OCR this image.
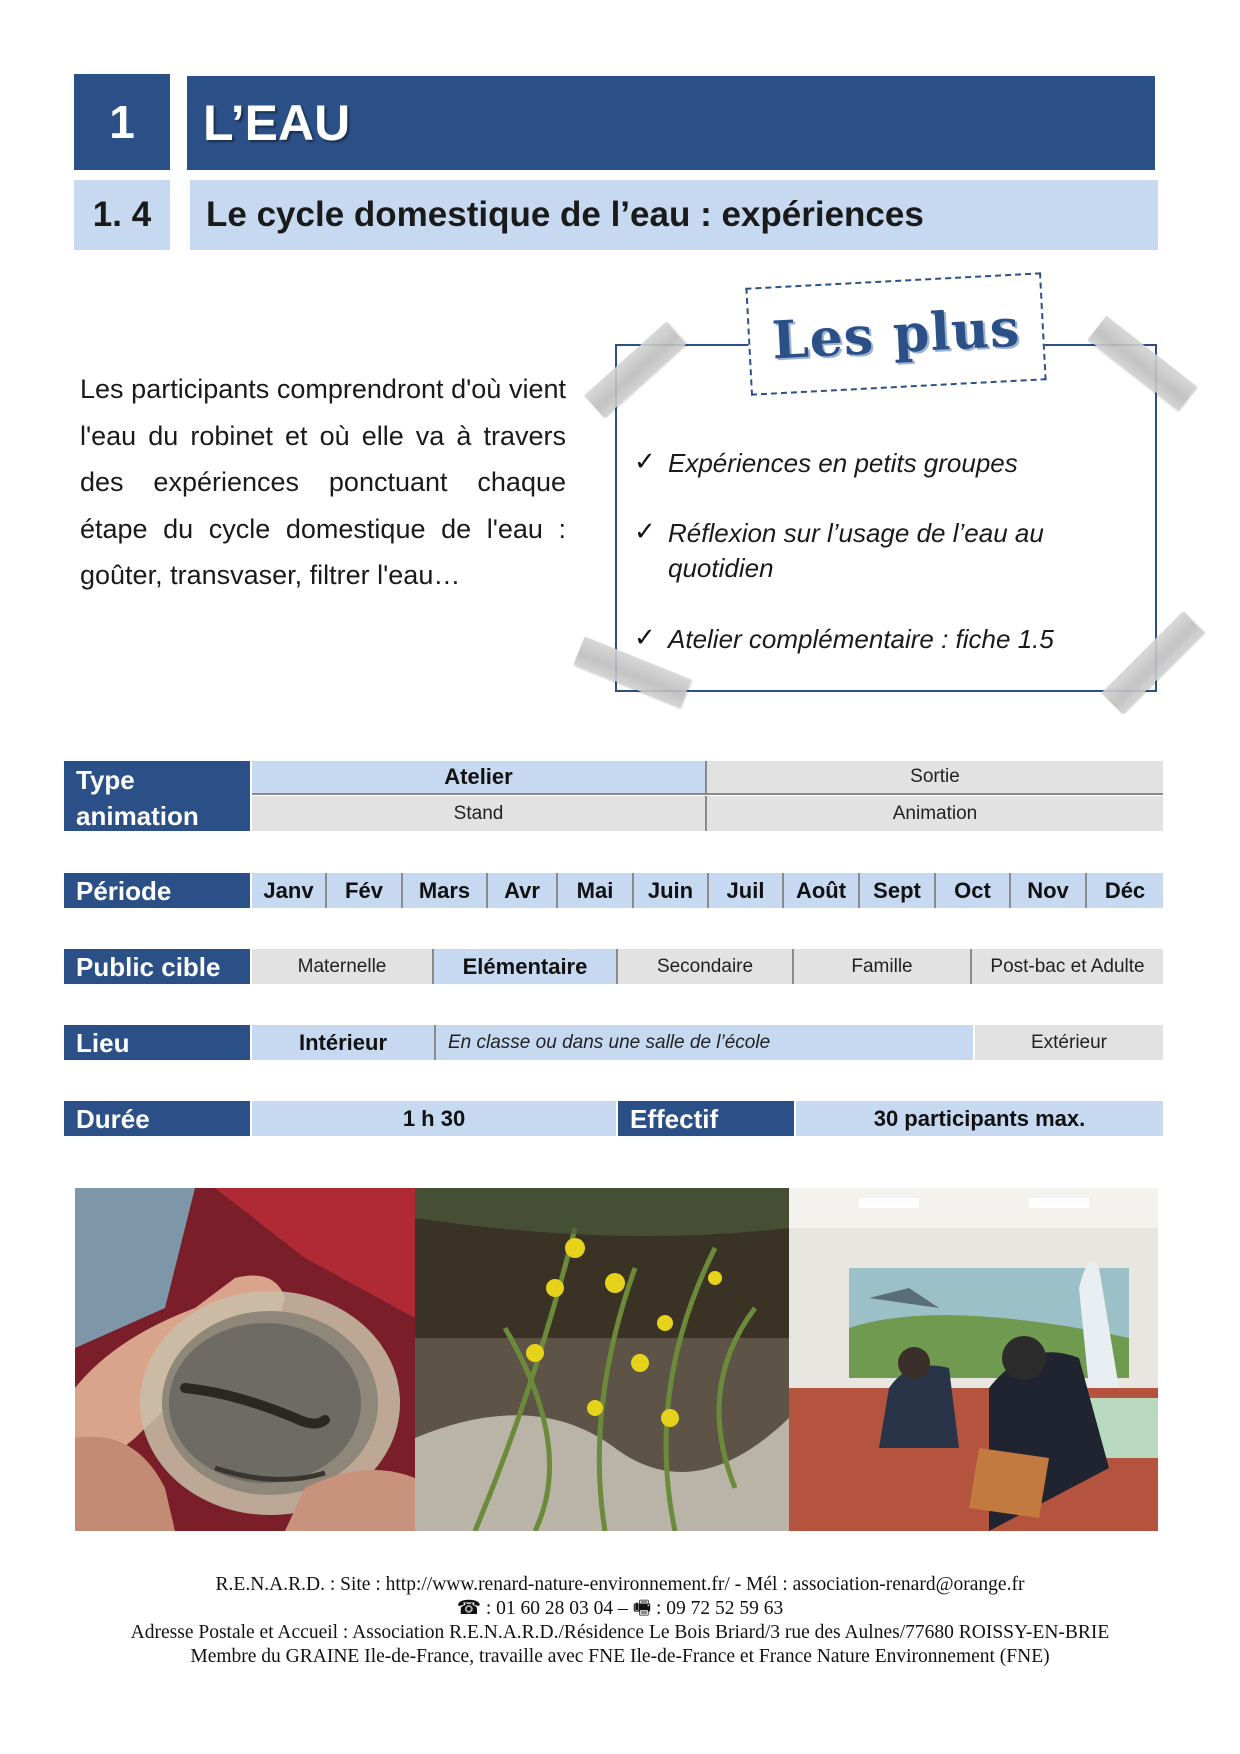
1	L’EAU
1. 4	Le cycle domestique de l’eau : expériences
Les participants comprendront d'où vient l'eau du robinet et où elle va à travers des expériences ponctuant chaque étape du cycle domestique de l'eau : goûter, transvaser, filtrer l'eau…
Les plus
✓ Expériences en petits groupes
✓ Réflexion sur l’usage de l’eau au quotidien
✓ Atelier complémentaire : fiche 1.5
Type animation
Atelier	Sortie
Stand	Animation
Période	Janv	Fév	Mars	Avr	Mai	Juin	Juil	Août	Sept	Oct	Nov	Déc
Public cible	Maternelle	Elémentaire	Secondaire	Famille	Post-bac et Adulte
Lieu	Intérieur	En classe ou dans une salle de l’école	Extérieur
Durée	1 h 30	Effectif	30 participants max.
R.E.N.A.R.D. : Site : http://www.renard-nature-environnement.fr/ - Mél : association-renard@orange.fr
☎ : 01 60 28 03 04 – 🖷 : 09 72 52 59 63
Adresse Postale et Accueil : Association R.E.N.A.R.D./Résidence Le Bois Briard/3 rue des Aulnes/77680 ROISSY-EN-BRIE
Membre du GRAINE Ile-de-France, travaille avec FNE Ile-de-France et France Nature Environnement (FNE)
